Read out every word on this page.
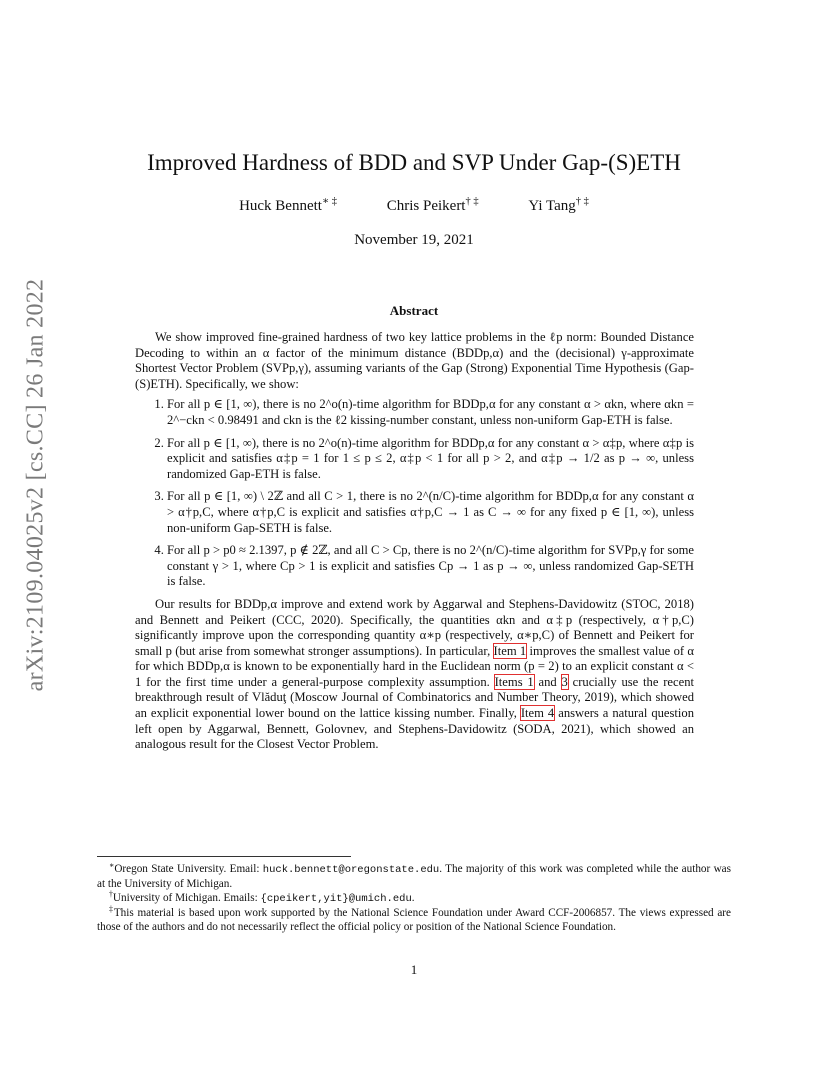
arXiv:2109.04025v2 [cs.CC] 26 Jan 2022
Improved Hardness of BDD and SVP Under Gap-(S)ETH
Huck Bennett∗ ‡	Chris Peikert† ‡	Yi Tang† ‡
November 19, 2021
Abstract

We show improved fine-grained hardness of two key lattice problems in the ℓp norm: Bounded Distance Decoding to within an α factor of the minimum distance (BDDp,α) and the (decisional) γ-approximate Shortest Vector Problem (SVPp,γ), assuming variants of the Gap (Strong) Exponential Time Hypothesis (Gap-(S)ETH). Specifically, we show:

1. For all p ∈ [1, ∞), there is no 2^o(n)-time algorithm for BDDp,α for any constant α > αkn, where αkn = 2^−ckn < 0.98491 and ckn is the ℓ2 kissing-number constant, unless non-uniform Gap-ETH is false.
2. For all p ∈ [1, ∞), there is no 2^o(n)-time algorithm for BDDp,α for any constant α > α‡p, where α‡p is explicit and satisfies α‡p = 1 for 1 ≤ p ≤ 2, α‡p < 1 for all p > 2, and α‡p → 1/2 as p → ∞, unless randomized Gap-ETH is false.
3. For all p ∈ [1, ∞) \ 2ℤ and all C > 1, there is no 2^(n/C)-time algorithm for BDDp,α for any constant α > α†p,C, where α†p,C is explicit and satisfies α†p,C → 1 as C → ∞ for any fixed p ∈ [1, ∞), unless non-uniform Gap-SETH is false.
4. For all p > p0 ≈ 2.1397, p ∉ 2ℤ, and all C > Cp, there is no 2^(n/C)-time algorithm for SVPp,γ for some constant γ > 1, where Cp > 1 is explicit and satisfies Cp → 1 as p → ∞, unless randomized Gap-SETH is false.

Our results for BDDp,α improve and extend work by Aggarwal and Stephens-Davidowitz (STOC, 2018) and Bennett and Peikert (CCC, 2020). Specifically, the quantities αkn and α‡p (respectively, α†p,C) significantly improve upon the corresponding quantity α∗p (respectively, α∗p,C) of Bennett and Peikert for small p (but arise from somewhat stronger assumptions). In particular, Item 1 improves the smallest value of α for which BDDp,α is known to be exponentially hard in the Euclidean norm (p = 2) to an explicit constant α < 1 for the first time under a general-purpose complexity assumption. Items 1 and 3 crucially use the recent breakthrough result of Vlăduţ (Moscow Journal of Combinatorics and Number Theory, 2019), which showed an explicit exponential lower bound on the lattice kissing number. Finally, Item 4 answers a natural question left open by Aggarwal, Bennett, Golovnev, and Stephens-Davidowitz (SODA, 2021), which showed an analogous result for the Closest Vector Problem.

∗Oregon State University. Email: huck.bennett@oregonstate.edu. The majority of this work was completed while the author was at the University of Michigan.

†University of Michigan. Emails: {cpeikert,yit}@umich.edu.

‡This material is based upon work supported by the National Science Foundation under Award CCF-2006857. The views expressed are those of the authors and do not necessarily reflect the official policy or position of the National Science Foundation.

1
